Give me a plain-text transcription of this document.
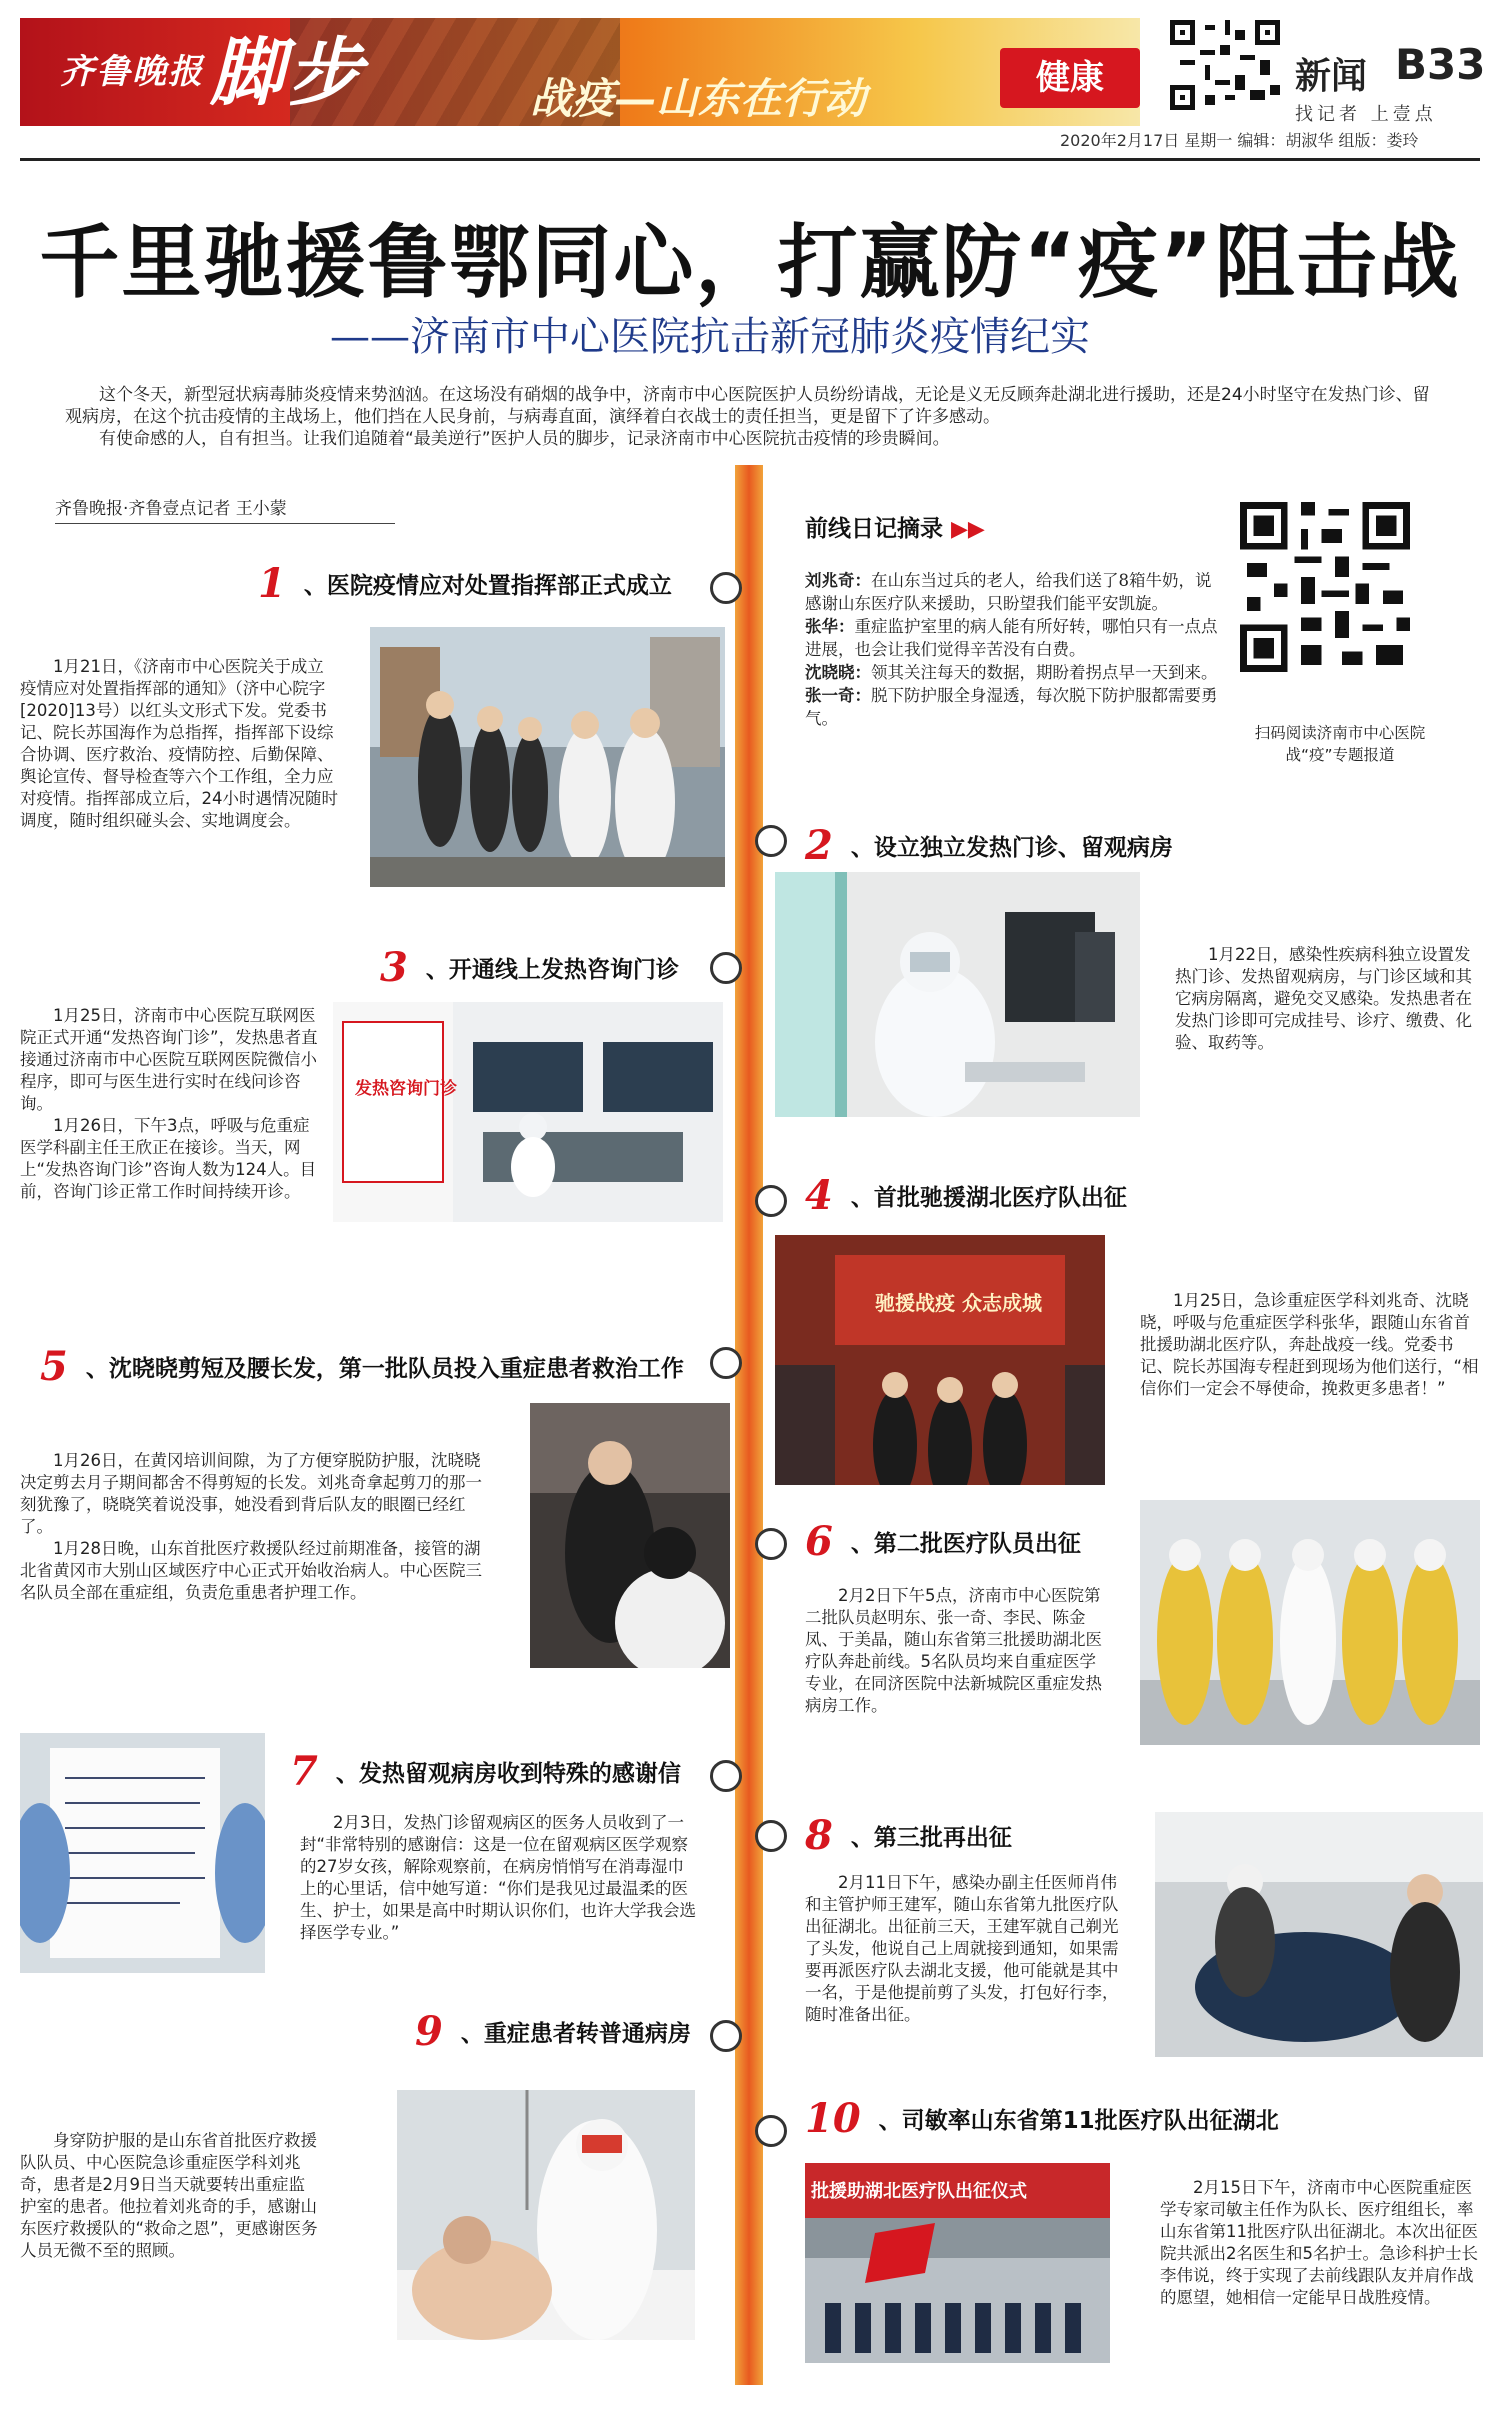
齐鲁晚报 脚步	战疫—山东在行动	健康	新闻 B33
找记者 上壹点
2020年2月17日 星期一 编辑：胡淑华 组版：娄玲
千里驰援鲁鄂同心，打赢防“疫”阻击战
——济南市中心医院抗击新冠肺炎疫情纪实

这个冬天，新型冠状病毒肺炎疫情来势汹汹。在这场没有硝烟的战争中，济南市中心医院医护人员纷纷请战，无论是义无反顾奔赴湖北进行援助，还是24小时坚守在发热门诊、留观病房，在这个抗击疫情的主战场上，他们挡在人民身前，与病毒直面，演绎着白衣战士的责任担当，更是留下了许多感动。

有使命感的人，自有担当。让我们追随着“最美逆行”医护人员的脚步，记录济南市中心医院抗击疫情的珍贵瞬间。

齐鲁晚报·齐鲁壹点记者 王小蒙
前线日记摘录 ▶▶

刘兆奇：在山东当过兵的老人，给我们送了8箱牛奶，说感谢山东医疗队来援助，只盼望我们能平安凯旋。

张华：重症监护室里的病人能有所好转，哪怕只有一点点进展，也会让我们觉得辛苦没有白费。

沈晓晓：领其关注每天的数据，期盼着拐点早一天到来。

张一奇：脱下防护服全身湿透，每次脱下防护服都需要勇气。

扫码阅读济南市中心医院战“疫”专题报道
1 、医院疫情应对处置指挥部正式成立

1月21日，《济南市中心医院关于成立疫情应对处置指挥部的通知》（济中心院字[2020]13号）以红头文形式下发。党委书记、院长苏国海作为总指挥，指挥部下设综合协调、医疗救治、疫情防控、后勤保障、舆论宣传、督导检查等六个工作组，全力应对疫情。指挥部成立后，24小时遇情况随时调度，随时组织碰头会、实地调度会。

2 、设立独立发热门诊、留观病房

1月22日，感染性疾病科独立设置发热门诊、发热留观病房，与门诊区域和其它病房隔离，避免交叉感染。发热患者在发热门诊即可完成挂号、诊疗、缴费、化验、取药等。

3 、开通线上发热咨询门诊

1月25日，济南市中心医院互联网医院正式开通“发热咨询门诊”，发热患者直接通过济南市中心医院互联网医院微信小程序，即可与医生进行实时在线问诊咨询。

1月26日，下午3点，呼吸与危重症医学科副主任王欣正在接诊。当天，网上“发热咨询门诊”咨询人数为124人。目前，咨询门诊正常工作时间持续开诊。

发热咨询门诊
4 、首批驰援湖北医疗队出征
驰援战疫 众志成城	1月25日，急诊重症医学科刘兆奇、沈晓晓，呼吸与危重症医学科张华，跟随山东省首批援助湖北医疗队，奔赴战疫一线。党委书记、院长苏国海专程赶到现场为他们送行，“相信你们一定会不辱使命，挽救更多患者！”

5 、沈晓晓剪短及腰长发，第一批队员投入重症患者救治工作

1月26日，在黄冈培训间隙，为了方便穿脱防护服，沈晓晓决定剪去月子期间都舍不得剪短的长发。刘兆奇拿起剪刀的那一刻犹豫了，晓晓笑着说没事，她没看到背后队友的眼圈已经红了。

1月28日晚，山东首批医疗救援队经过前期准备，接管的湖北省黄冈市大别山区域医疗中心正式开始收治病人。中心医院三名队员全部在重症组，负责危重患者护理工作。

6 、第二批医疗队员出征

2月2日下午5点，济南市中心医院第二批队员赵明东、张一奇、李民、陈金凤、于美晶，随山东省第三批援助湖北医疗队奔赴前线。5名队员均来自重症医学专业，在同济医院中法新城院区重症发热病房工作。

7 、发热留观病房收到特殊的感谢信

2月3日，发热门诊留观病区的医务人员收到了一封“非常特别的感谢信：这是一位在留观病区医学观察的27岁女孩，解除观察前，在病房悄悄写在消毒湿巾上的心里话，信中她写道：“你们是我见过最温柔的医生、护士，如果是高中时期认识你们，也许大学我会选择医学专业。”

8 、第三批再出征

2月11日下午，感染办副主任医师肖伟和主管护师王建军，随山东省第九批医疗队出征湖北。出征前三天，王建军就自己剃光了头发，他说自己上周就接到通知，如果需要再派医疗队去湖北支援，他可能就是其中一名，于是他提前剪了头发，打包好行李，随时准备出征。

9 、重症患者转普通病房

身穿防护服的是山东省首批医疗救援队队员、中心医院急诊重症医学科刘兆奇，患者是2月9日当天就要转出重症监护室的患者。他拉着刘兆奇的手，感谢山东医疗救援队的“救命之恩”，更感谢医务人员无微不至的照顾。

10 、司敏率山东省第11批医疗队出征湖北
批援助湖北医疗队出征仪式	2月15日下午，济南市中心医院重症医学专家司敏主任作为队长、医疗组组长，率山东省第11批医疗队出征湖北。本次出征医院共派出2名医生和5名护士。急诊科护士长李伟说，终于实现了去前线跟队友并肩作战的愿望，她相信一定能早日战胜疫情。
